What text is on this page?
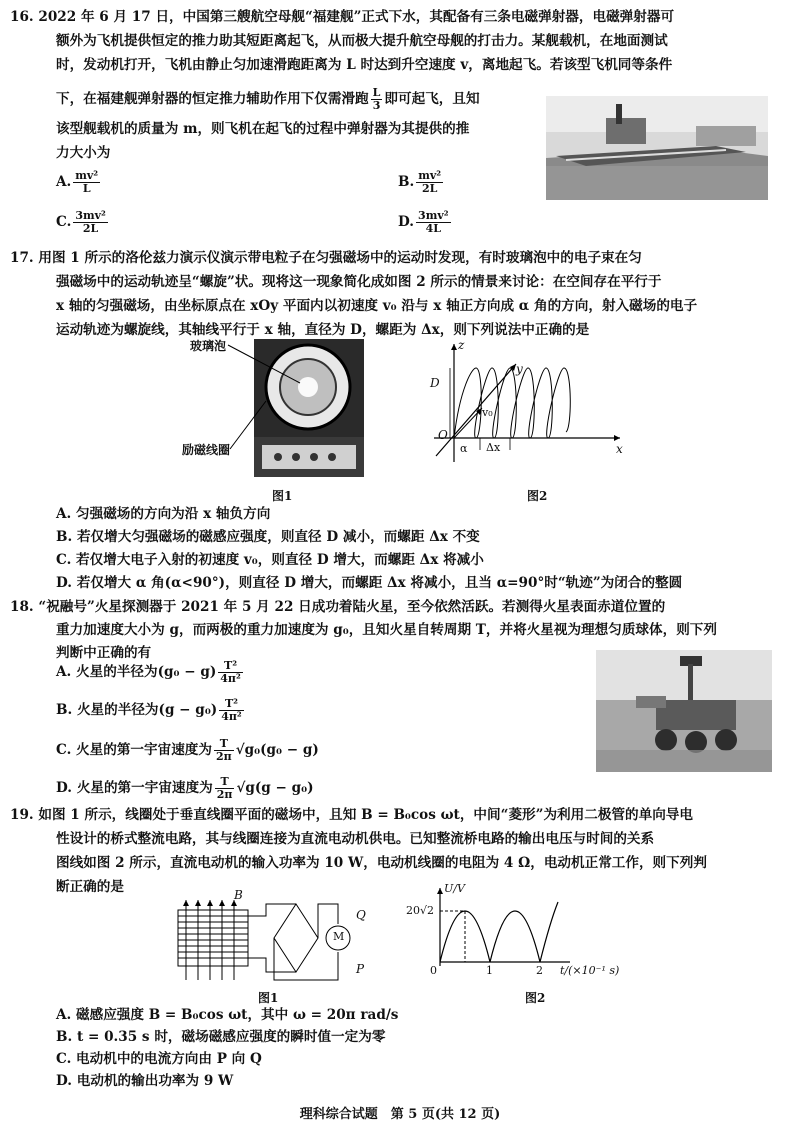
16. 2022 年 6 月 17 日，中国第三艘航空母舰“福建舰”正式下水，其配备有三条电磁弹射器，电磁弹射器可
额外为飞机提供恒定的推力助其短距离起飞，从而极大提升航空母舰的打击力。某舰载机，在地面测试
时，发动机打开，飞机由静止匀加速滑跑距离为 L 时达到升空速度 v，离地起飞。若该型飞机同等条件
下，在福建舰弹射器的恒定推力辅助作用下仅需滑跑 $\frac{L}{3}$ 即可起飞，且知
该型舰载机的质量为 m，则飞机在起飞的过程中弹射器为其提供的推
力大小为
A. $\frac{\text{mv²}}{L}$	B. $\frac{\text{mv²}}{2L}$
C. $\frac{\text{3mv²}}{2L}$	D. $\frac{\text{3mv²}}{4L}$
17. 用图 1 所示的洛伦兹力演示仪演示带电粒子在匀强磁场中的运动时发现，有时玻璃泡中的电子束在匀
强磁场中的运动轨迹呈“螺旋”状。现将这一现象简化成如图 2 所示的情景来讨论：在空间存在平行于
x 轴的匀强磁场，由坐标原点在 xOy 平面内以初速度 v₀ 沿与 x 轴正方向成 α 角的方向，射入磁场的电子
运动轨迹为螺旋线，其轴线平行于 x 轴，直径为 D，螺距为 Δx，则下列说法中正确的是
玻璃泡
励磁线圈
图1
z
y
x
D
O
α Δx
v₀
图2
A. 匀强磁场的方向为沿 x 轴负方向
B. 若仅增大匀强磁场的磁感应强度，则直径 D 减小，而螺距 Δx 不变
C. 若仅增大电子入射的初速度 v₀，则直径 D 增大，而螺距 Δx 将减小
D. 若仅增大 α 角(α<90°)，则直径 D 增大，而螺距 Δx 将减小，且当 α=90°时“轨迹”为闭合的整圆
18. “祝融号”火星探测器于 2021 年 5 月 22 日成功着陆火星，至今依然活跃。若测得火星表面赤道位置的
重力加速度大小为 g，而两极的重力加速度为 g₀，且知火星自转周期 T，并将火星视为理想匀质球体，则下列
判断中正确的有
A. 火星的半径为$(g_0 - g) \frac{\text{T²}}{\text{4π²}}$
B. 火星的半径为$(g - g_0) \frac{\text{T²}}{\text{4π²}}$
C. 火星的第一宇宙速度为 $\frac{T}{2\pi} √g_0(g_0 - g)$
D. 火星的第一宇宙速度为 $\frac{T}{2\pi} √g(g - g_0)$
19. 如图 1 所示，线圈处于垂直线圈平面的磁场中，且知 B = B₀cos ωt，中间“菱形”为利用二极管的单向导电
性设计的桥式整流电路，其与线圈连接为直流电动机供电。已知整流桥电路的输出电压与时间的关系
图线如图 2 所示，直流电动机的输入功率为 10 W，电动机线圈的电阻为 4 Ω，电动机正常工作，则下列判
断正确的是	B
Q
P
M
图1
U/V
20√2
0	1	2 t/(×10⁻¹ s)
图2
A. 磁感应强度 B = B₀cos ωt，其中 ω = 20π rad/s
B. t = 0.35 s 时，磁场磁感应强度的瞬时值一定为零
C. 电动机中的电流方向由 P 向 Q
D. 电动机的输出功率为 9 W
理科综合试题　第 5 页(共 12 页)
